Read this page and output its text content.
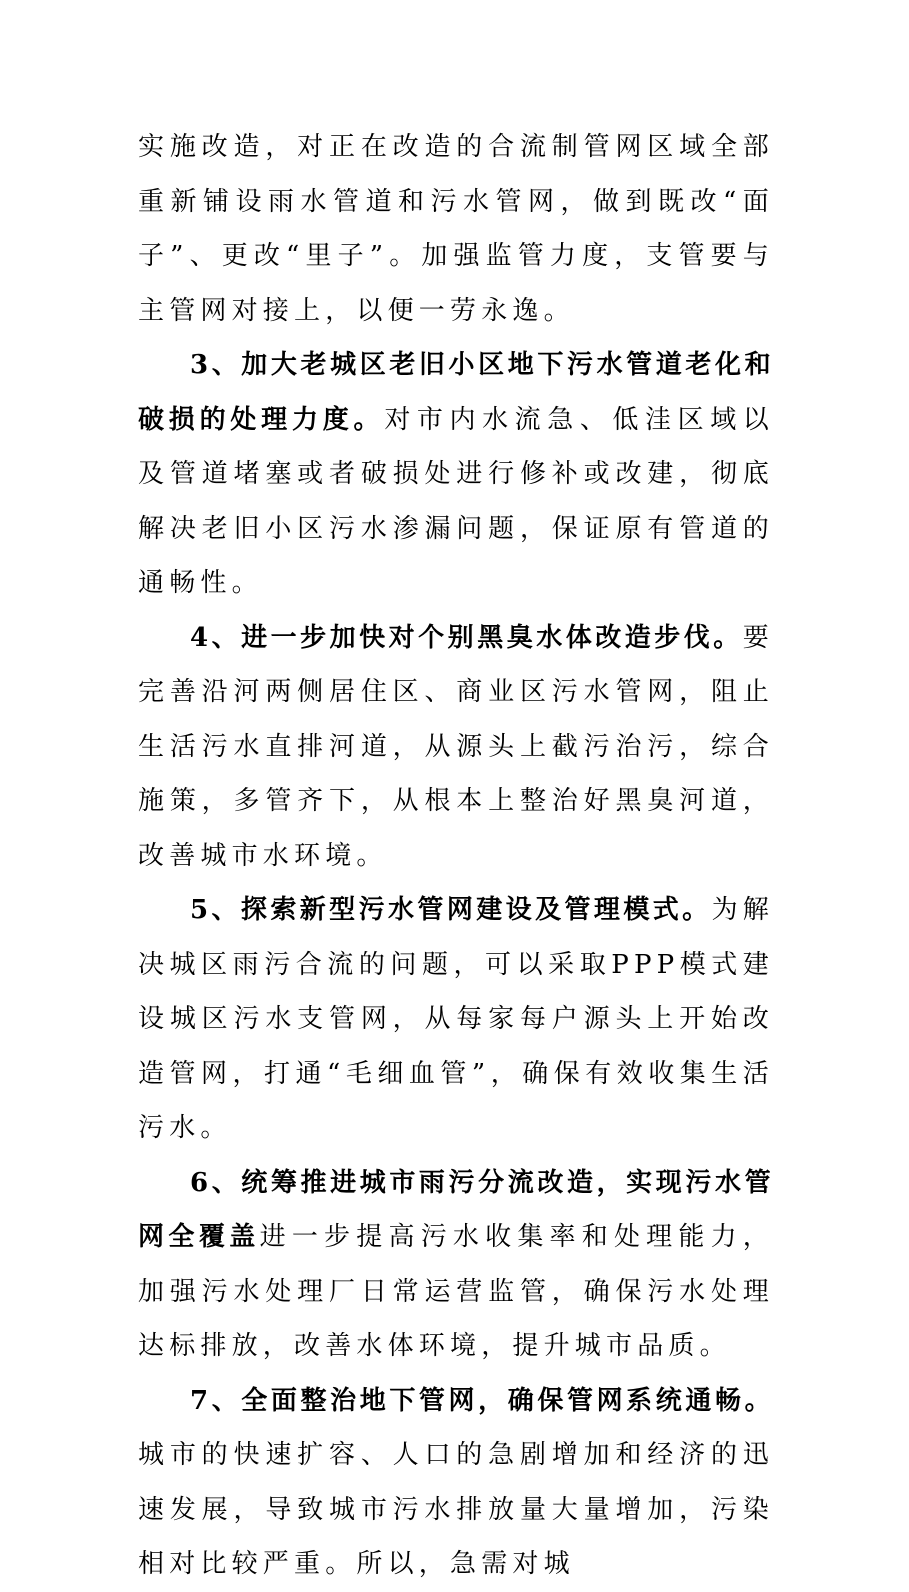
实施改造，对正在改造的合流制管网区域全部重新铺设雨水管道和污水管网，做到既改“面子”、更改“里子”。加强监管力度，支管要与主管网对接上，以便一劳永逸。

3、加大老城区老旧小区地下污水管道老化和破损的处理力度。对市内水流急、低洼区域以及管道堵塞或者破损处进行修补或改建，彻底解决老旧小区污水渗漏问题，保证原有管道的通畅性。

4、进一步加快对个别黑臭水体改造步伐。要完善沿河两侧居住区、商业区污水管网，阻止生活污水直排河道，从源头上截污治污，综合施策，多管齐下，从根本上整治好黑臭河道，改善城市水环境。

5、探索新型污水管网建设及管理模式。为解决城区雨污合流的问题，可以采取PPP模式建设城区污水支管网，从每家每户源头上开始改造管网，打通“毛细血管”，确保有效收集生活污水。

6、统筹推进城市雨污分流改造，实现污水管网全覆盖进一步提高污水收集率和处理能力，加强污水处理厂日常运营监管，确保污水处理达标排放，改善水体环境，提升城市品质。

7、全面整治地下管网，确保管网系统通畅。城市的快速扩容、人口的急剧增加和经济的迅速发展，导致城市污水排放量大量增加，污染相对比较严重。所以，急需对城
